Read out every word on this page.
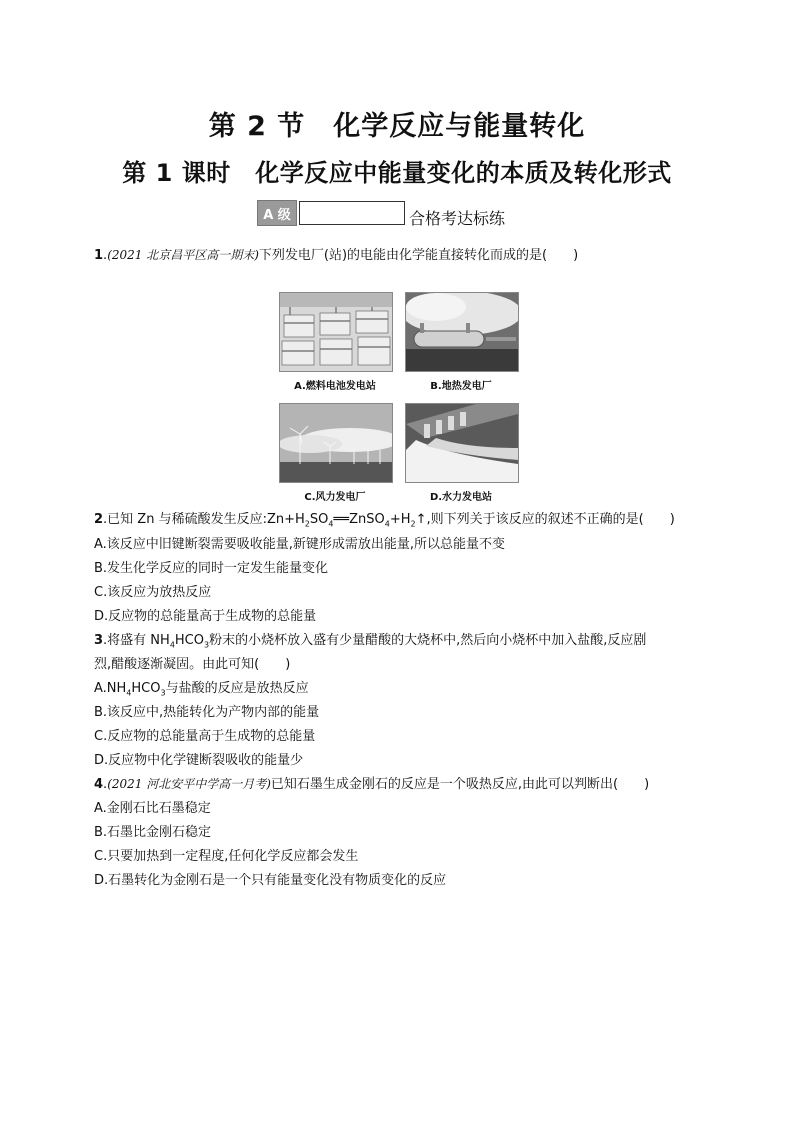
第 2 节　化学反应与能量转化
第 1 课时　化学反应中能量变化的本质及转化形式
A 级	合格考达标练
1.(2021 北京昌平区高一期末)下列发电厂(站)的电能由化学能直接转化而成的是(　　)
A.燃料电池发电站	B.地热发电厂
C.风力发电厂	D.水力发电站
2.已知 Zn 与稀硫酸发生反应$:Zn+H_2SO_4══ZnSO_4+H_2↑$,则下列关于该反应的叙述不正确的是(　　)
A.该反应中旧键断裂需要吸收能量,新键形成需放出能量,所以总能量不变
B.发生化学反应的同时一定发生能量变化
C.该反应为放热反应
D.反应物的总能量高于生成物的总能量
3.将盛有 $NH_4HCO_3$粉末的小烧杯放入盛有少量醋酸的大烧杯中,然后向小烧杯中加入盐酸,反应剧
烈,醋酸逐渐凝固。由此可知(　　)
$A.NH_4HCO_3$与盐酸的反应是放热反应
B.该反应中,热能转化为产物内部的能量
C.反应物的总能量高于生成物的总能量
D.反应物中化学键断裂吸收的能量少
4.(2021 河北安平中学高一月考)已知石墨生成金刚石的反应是一个吸热反应,由此可以判断出(　　)
A.金刚石比石墨稳定
B.石墨比金刚石稳定
C.只要加热到一定程度,任何化学反应都会发生
D.石墨转化为金刚石是一个只有能量变化没有物质变化的反应
